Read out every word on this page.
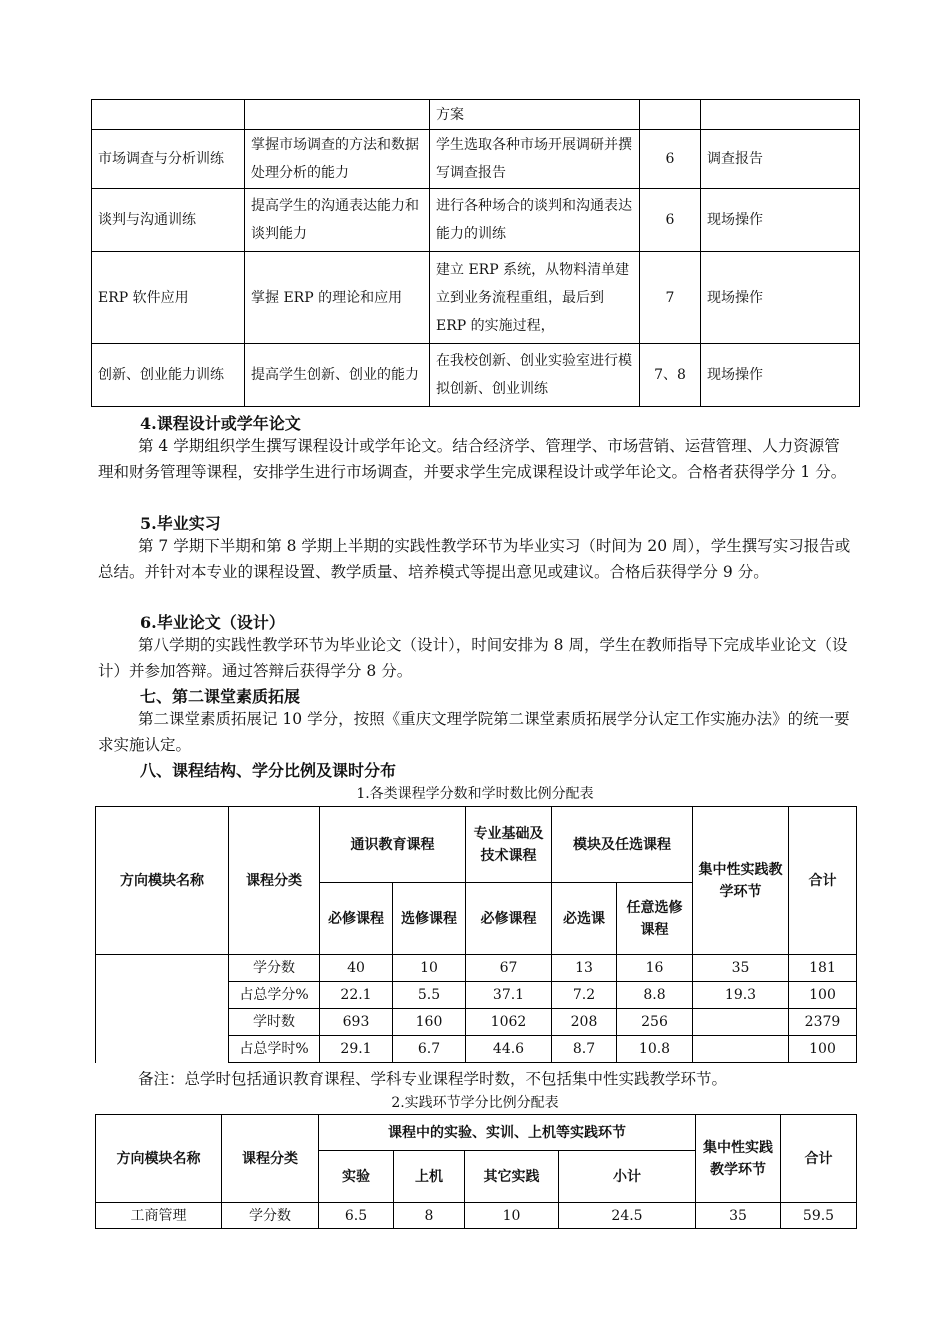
		方案		
市场调查与分析训练	掌握市场调查的方法和数据处理分析的能力	学生选取各种市场开展调研并撰写调查报告	6	调查报告
谈判与沟通训练	提高学生的沟通表达能力和谈判能力	进行各种场合的谈判和沟通表达能力的训练	6	现场操作
ERP 软件应用	掌握 ERP 的理论和应用	建立 ERP 系统，从物料清单建立到业务流程重组，最后到 ERP 的实施过程，	7	现场操作
创新、创业能力训练	提高学生创新、创业的能力	在我校创新、创业实验室进行模拟创新、创业训练	7、8	现场操作

4.课程设计或学年论文

第 4 学期组织学生撰写课程设计或学年论文。结合经济学、管理学、市场营销、运营管理、人力资源管理和财务管理等课程，安排学生进行市场调查，并要求学生完成课程设计或学年论文。合格者获得学分 1 分。

5.毕业实习

第 7 学期下半期和第 8 学期上半期的实践性教学环节为毕业实习（时间为 20 周），学生撰写实习报告或总结。并针对本专业的课程设置、教学质量、培养模式等提出意见或建议。合格后获得学分 9 分。

6.毕业论文（设计）

第八学期的实践性教学环节为毕业论文（设计），时间安排为 8 周，学生在教师指导下完成毕业论文（设计）并参加答辩。通过答辩后获得学分 8 分。

七、第二课堂素质拓展

第二课堂素质拓展记 10 学分，按照《重庆文理学院第二课堂素质拓展学分认定工作实施办法》的统一要求实施认定。

八、课程结构、学分比例及课时分布

1.各类课程学分数和学时数比例分配表

方向模块名称	课程分类	通识教育课程		专业基础及技术课程	模块及任选课程		集中性实践教学环节	合计
		必修课程	选修课程	必修课程	必选课	任意选修课程		
	学分数	40	10	67	13	16	35	181
	占总学分%	22.1	5.5	37.1	7.2	8.8	19.3	100
	学时数	693	160	1062	208	256		2379
	占总学时%	29.1	6.7	44.6	8.7	10.8		100

备注：总学时包括通识教育课程、学科专业课程学时数，不包括集中性实践教学环节。

2.实践环节学分比例分配表

方向模块名称	课程分类	课程中的实验、实训、上机等实践环节				集中性实践教学环节	合计
		实验	上机	其它实践	小计		
工商管理	学分数	6.5	8	10	24.5	35	59.5
